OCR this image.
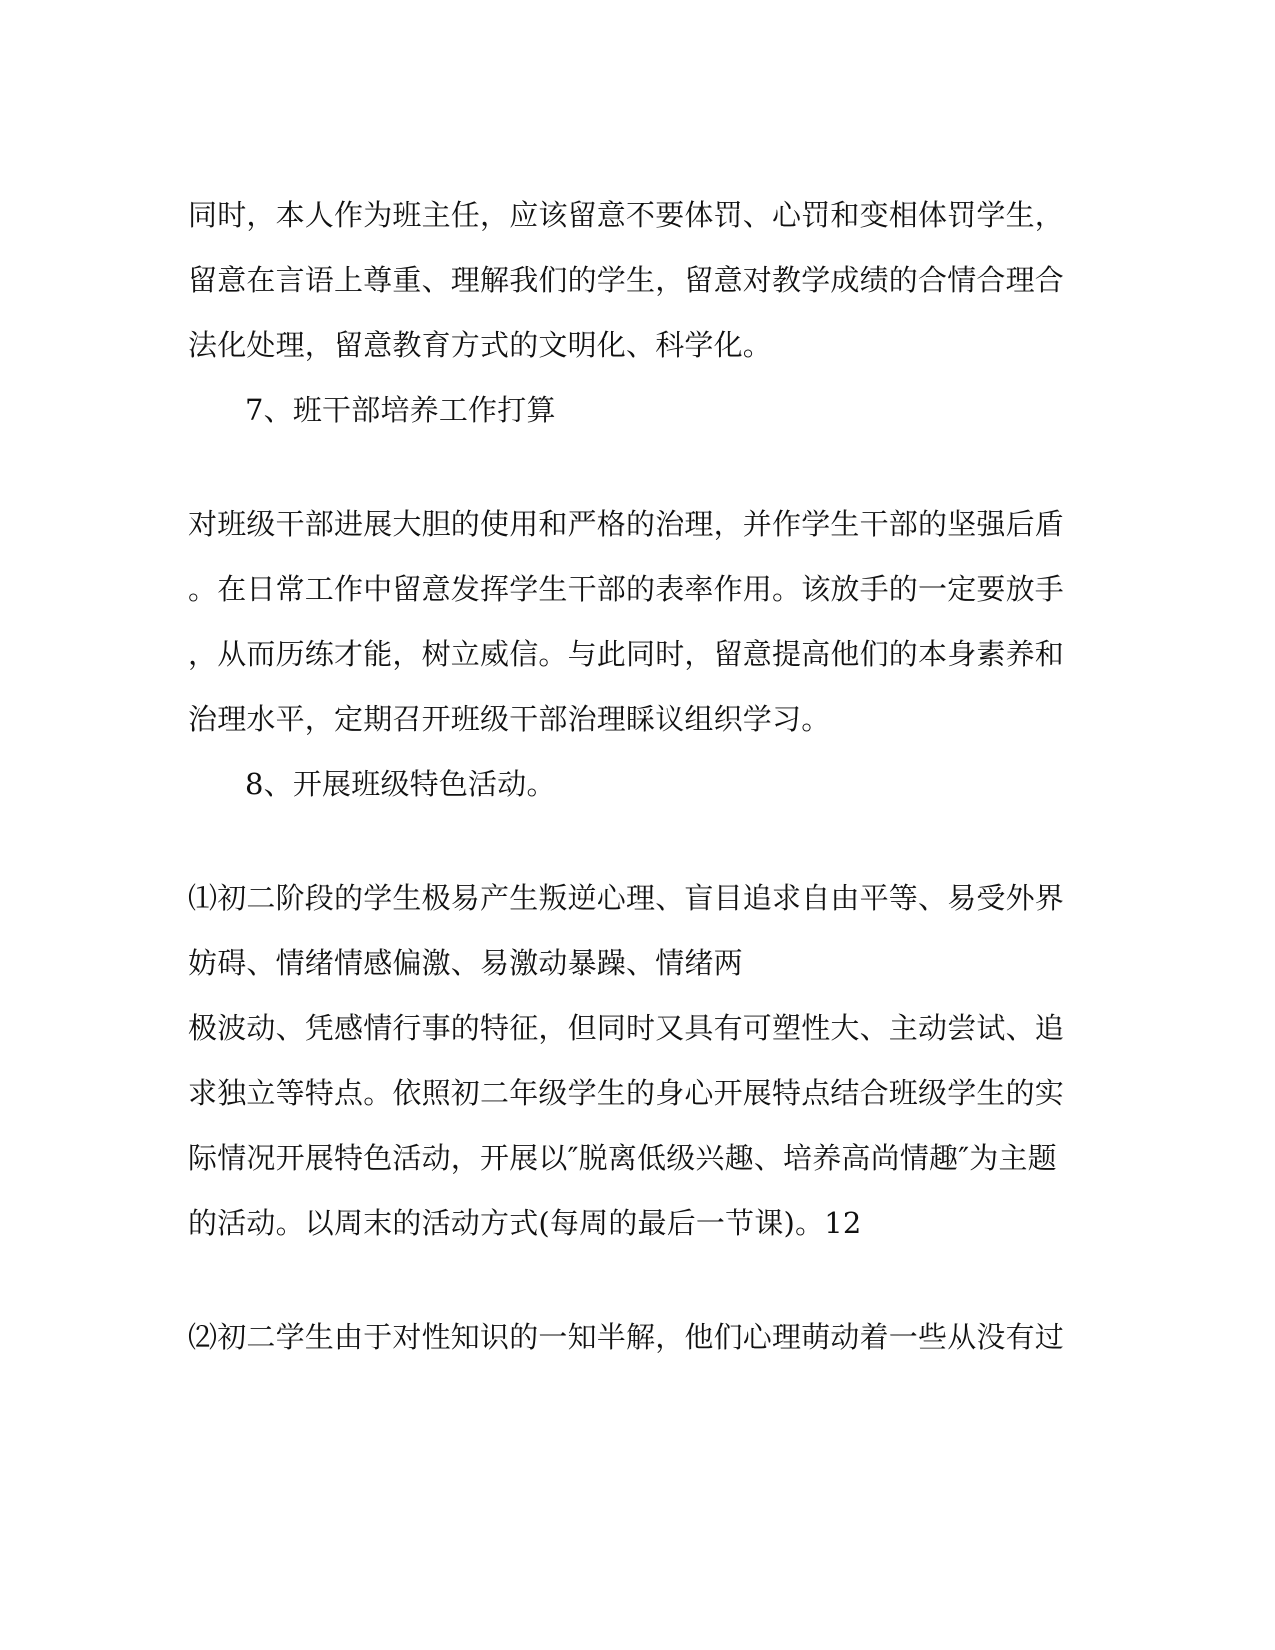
同时，本人作为班主任，应该留意不要体罚、心罚和变相体罚学生，
留意在言语上尊重、理解我们的学生，留意对教学成绩的合情合理合
法化处理，留意教育方式的文明化、科学化。
7、班干部培养工作打算
对班级干部进展大胆的使用和严格的治理，并作学生干部的坚强后盾
。在日常工作中留意发挥学生干部的表率作用。该放手的一定要放手
，从而历练才能，树立威信。与此同时，留意提高他们的本身素养和
治理水平，定期召开班级干部治理睬议组织学习。
8、开展班级特色活动。
⑴初二阶段的学生极易产生叛逆心理、盲目追求自由平等、易受外界
妨碍、情绪情感偏激、易激动暴躁、情绪两
极波动、凭感情行事的特征，但同时又具有可塑性大、主动尝试、追
求独立等特点。依照初二年级学生的身心开展特点结合班级学生的实
际情况开展特色活动，开展以″脱离低级兴趣、培养高尚情趣″为主题
的活动。以周末的活动方式(每周的最后一节课)。12
⑵初二学生由于对性知识的一知半解，他们心理萌动着一些从没有过
